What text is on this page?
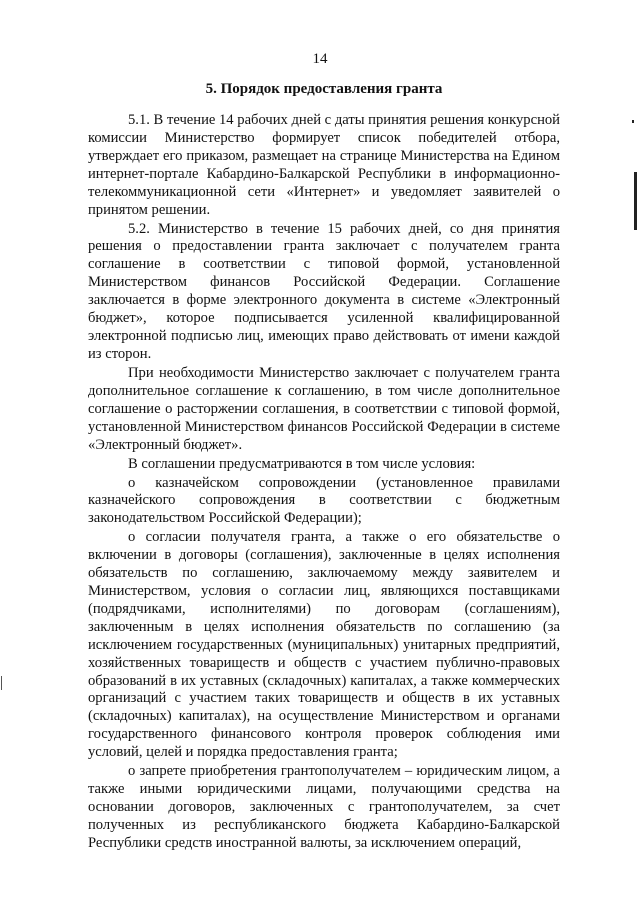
14
5. Порядок предоставления гранта

5.1. В течение 14 рабочих дней с даты принятия решения конкурсной комиссии Министерство формирует список победителей отбора, утверждает его приказом, размещает на странице Министерства на Едином интернет-портале Кабардино-Балкарской Республики в информационно-телекоммуникационной сети «Интернет» и уведомляет заявителей о принятом решении.

5.2. Министерство в течение 15 рабочих дней, со дня принятия решения о предоставлении гранта заключает с получателем гранта соглашение в соответствии с типовой формой, установленной Министерством финансов Российской Федерации. Соглашение заключается в форме электронного документа в системе «Электронный бюджет», которое подписывается усиленной квалифицированной электронной подписью лиц, имеющих право действовать от имени каждой из сторон.

При необходимости Министерство заключает с получателем гранта дополнительное соглашение к соглашению, в том числе дополнительное соглашение о расторжении соглашения, в соответствии с типовой формой, установленной Министерством финансов Российской Федерации в системе «Электронный бюджет».

В соглашении предусматриваются в том числе условия:

о казначейском сопровождении (установленное правилами казначейского сопровождения в соответствии с бюджетным законодательством Российской Федерации);

о согласии получателя гранта, а также о его обязательстве о включении в договоры (соглашения), заключенные в целях исполнения обязательств по соглашению, заключаемому между заявителем и Министерством, условия о согласии лиц, являющихся поставщиками (подрядчиками, исполнителями) по договорам (соглашениям), заключенным в целях исполнения обязательств по соглашению (за исключением государственных (муниципальных) унитарных предприятий, хозяйственных товариществ и обществ с участием публично-правовых образований в их уставных (складочных) капиталах, а также коммерческих организаций с участием таких товариществ и обществ в их уставных (складочных) капиталах), на осуществление Министерством и органами государственного финансового контроля проверок соблюдения ими условий, целей и порядка предоставления гранта;

о запрете приобретения грантополучателем – юридическим лицом, а также иными юридическими лицами, получающими средства на основании договоров, заключенных с грантополучателем, за счет полученных из республиканского бюджета Кабардино-Балкарской Республики средств иностранной валюты, за исключением операций,
